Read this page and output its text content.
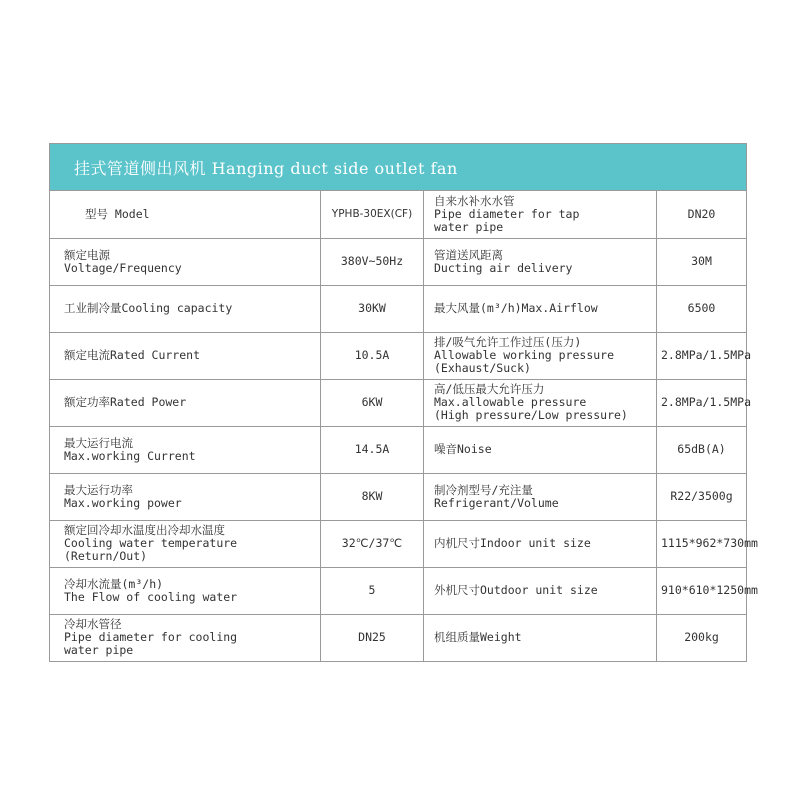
挂式管道侧出风机 Hanging duct side outlet fan
型号 Model	YPHB-30EX(CF)	自来水补水水管
Pipe diameter for tap
water pipe	DN20

额定电源
Voltage/Frequency	380V~50Hz	管道送风距离
Ducting air delivery	30M

工业制冷量Cooling capacity	30KW	最大风量(m³/h)Max.Airflow	6500

额定电流Rated Current	10.5A	排/吸气允许工作过压(压力)
Allowable working pressure
(Exhaust/Suck)	2.8MPa/1.5MPa

额定功率Rated Power	6KW	高/低压最大允许压力
Max.allowable pressure
(High pressure/Low pressure)	2.8MPa/1.5MPa

最大运行电流
Max.working Current	14.5A	噪音Noise	65dB(A)

最大运行功率
Max.working power	8KW	制冷剂型号/充注量
Refrigerant/Volume	R22/3500g

额定回冷却水温度出冷却水温度
Cooling water temperature
(Return/Out)	32℃/37℃	内机尺寸Indoor unit size	1115*962*730mm

冷却水流量(m³/h)
The Flow of cooling water	5	外机尺寸Outdoor unit size	910*610*1250mm

冷却水管径
Pipe diameter for cooling
water pipe	DN25	机组质量Weight	200kg
